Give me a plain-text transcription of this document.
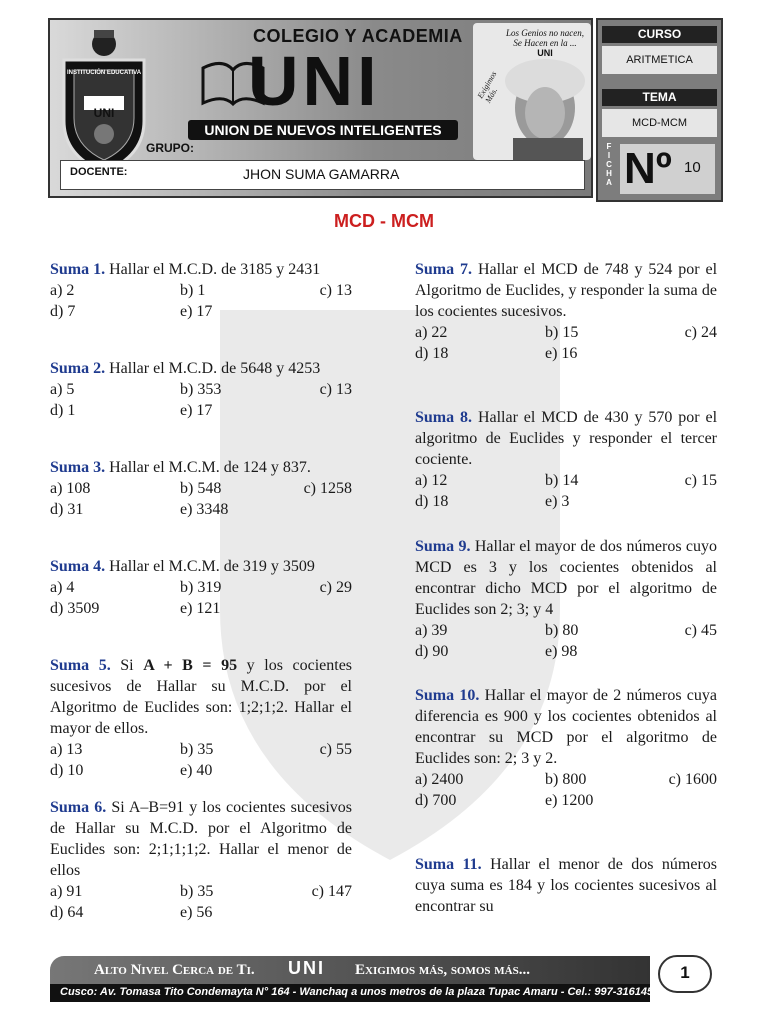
INSTITUCIÓN EDUCATIVA
UNI
COLEGIO Y ACADEMIA
UNI
UNION DE NUEVOS INTELIGENTES
GRUPO:
Los Genios no nacen,
Se Hacen en la ...
UNI
Exigimos Más.
DOCENTE:	JHON SUMA GAMARRA
CURSO
ARITMETICA
TEMA
MCD-MCM
F
I
C
H
A Nº 10
MCD - MCM
Suma 1. Hallar el M.C.D. de 3185 y 2431
a) 2	b) 1	c) 13
d) 7	e) 17
Suma 2. Hallar el M.C.D. de 5648 y 4253
a) 5	b) 353	c) 13
d) 1	e) 17
Suma 3. Hallar el M.C.M. de 124 y 837.
a) 108	b) 548	c) 1258
d) 31	e) 3348
Suma 4. Hallar el M.C.M. de 319 y 3509
a) 4	b) 319	c) 29
d) 3509	e) 121
Suma 5. Si A + B = 95 y los cocientes sucesivos de Hallar su M.C.D. por el Algoritmo de Euclides son: 1;2;1;2. Hallar el mayor de ellos.
a) 13	b) 35	c) 55
d) 10	e) 40
Suma 6. Si A–B=91 y los cocientes sucesivos de Hallar su M.C.D. por el Algoritmo de Euclides son: 2;1;1;1;2. Hallar el menor de ellos
a) 91	b) 35	c) 147
d) 64	e) 56
Suma 7. Hallar el MCD de 748 y 524 por el Algoritmo de Euclides, y responder la suma de los cocientes sucesivos.
a) 22	b) 15	c) 24
d) 18	e) 16
Suma 8. Hallar el MCD de 430 y 570 por el algoritmo de Euclides y responder el tercer cociente.
a) 12	b) 14	c) 15
d) 18	e) 3
Suma 9. Hallar el mayor de dos números cuyo MCD es 3 y los cocientes obtenidos al encontrar dicho MCD por el algoritmo de Euclides son 2; 3; y 4
a) 39	b) 80	c) 45
d) 90	e) 98
Suma 10. Hallar el mayor de 2 números cuya diferencia es 900 y los cocientes obtenidos al encontrar su MCD por el algoritmo de Euclides son: 2; 3 y 2.
a) 2400	b) 800	c) 1600
d) 700	e) 1200
Suma 11. Hallar el menor de dos números cuya suma es 184 y los cocientes sucesivos al encontrar su
Alto Nivel Cerca de Ti. UNI Exigimos más, somos más...
Cusco: Av. Tomasa Tito Condemayta N° 164 - Wanchaq a unos metros de la plaza Tupac Amaru - Cel.: 997-316145
1
